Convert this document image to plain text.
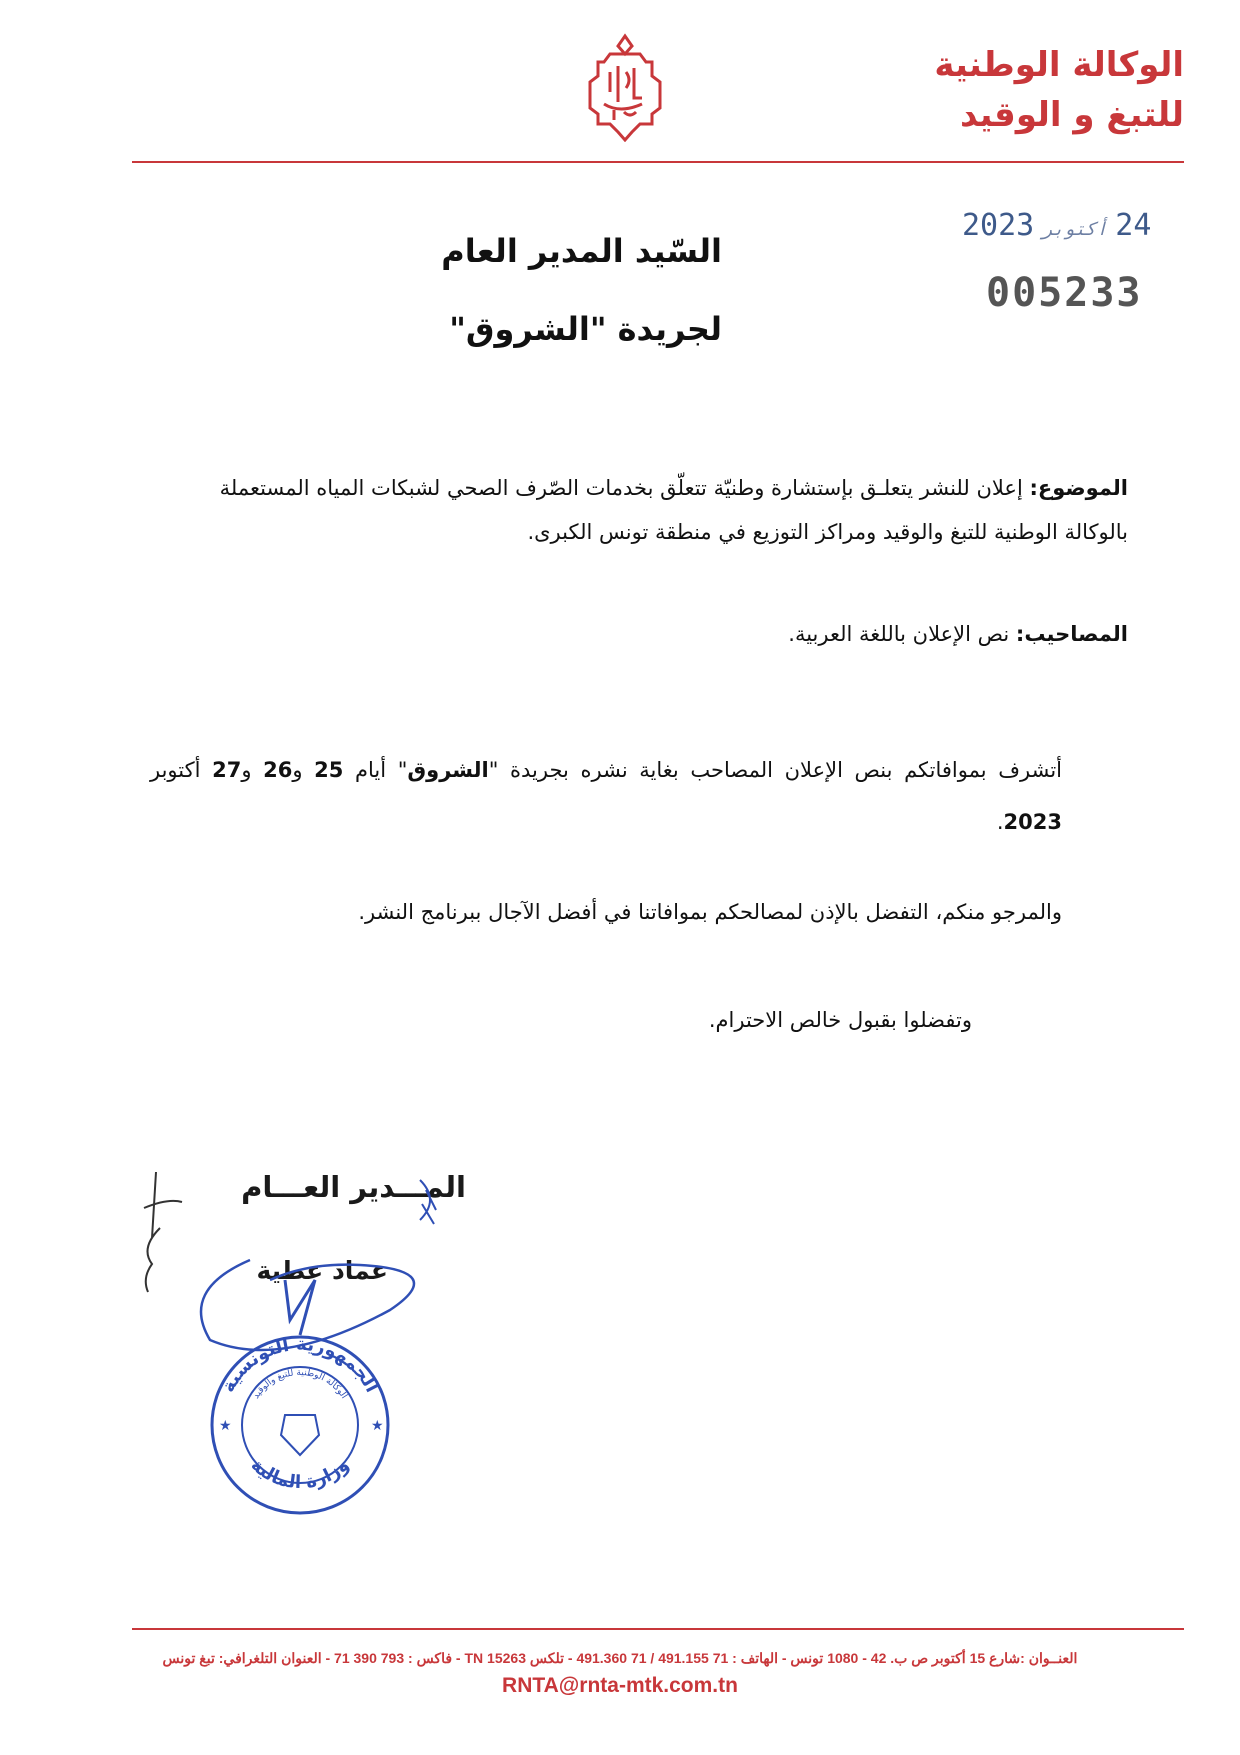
الوكالة الوطنية
للتبغ و الوقيد
2023 أكتوبر 24
005233
السّيد المدير العام
لجريدة "الشروق"
الموضوع: إعلان للنشر يتعلـق بإستشارة وطنيّة تتعلّق بخدمات الصّرف الصحي لشبكات المياه المستعملة بالوكالة الوطنية للتبغ والوقيد ومراكز التوزيع في منطقة تونس الكبرى.
المصاحيب: نص الإعلان باللغة العربية.
أتشرف بموافاتكم بنص الإعلان المصاحب بغاية نشره بجريدة "الشروق" أيام 25 و26 و27 أكتوبر 2023.
والمرجو منكم، التفضل بالإذن لمصالحكم بموافاتنا في أفضل الآجال ببرنامج النشر.
وتفضلوا بقبول خالص الاحترام.
المـــدير العـــام
عماد عطية
الجمهورية التونسية
وزارة المالية
الوكالة الوطنية للتبغ والوقيد
★	★
العنــوان :شارع 15 أكتوبر ص ب. 42 - 1080 تونس - الهاتف : 71 491.155 / 71 491.360 - تلكس 15263 TN - فاكس : 793 390 71 - العنوان التلغرافي: تبغ تونس
RNTA@rnta-mtk.com.tn
